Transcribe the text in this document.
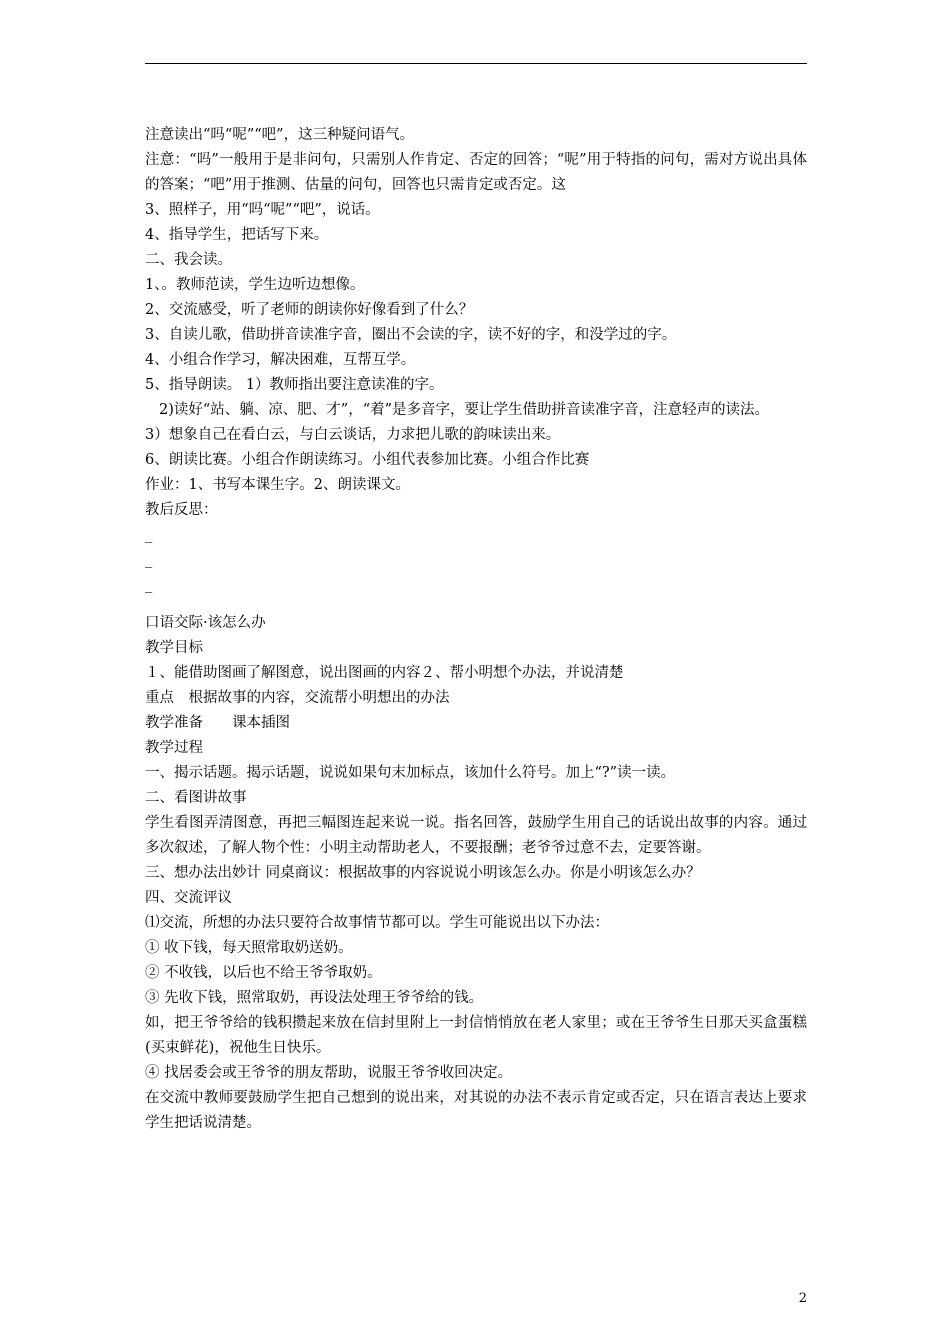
注意读出“吗“呢”“吧”，这三种疑问语气。
注意：“吗”一般用于是非问句，只需别人作肯定、否定的回答；“呢”用于特指的问句，需对方说出具体的答案；“吧”用于推测、估量的问句，回答也只需肯定或否定。这
3、照样子，用“吗“呢”“吧”，说话。
4、指导学生，把话写下来。
二、我会读。
1、。教师范读，学生边听边想像。
2、交流感受，听了老师的朗读你好像看到了什么？
3、自读儿歌，借助拼音读准字音，圈出不会读的字，读不好的字，和没学过的字。
4、小组合作学习，解决困难，互帮互学。
5、指导朗读。 1）教师指出要注意读准的字。
2)读好“站、躺、凉、肥、才”，“着”是多音字，要让学生借助拼音读准字音，注意轻声的读法。
3）想象自己在看白云，与白云谈话，力求把儿歌的韵味读出来。
6、朗读比赛。小组合作朗读练习。小组代表参加比赛。小组合作比赛
作业：1、书写本课生字。2、朗读课文。
教后反思：
_
_
_
口语交际·该怎么办
教学目标
１、能借助图画了解图意，说出图画的内容２、帮小明想个办法，并说清楚
重点　根据故事的内容，交流帮小明想出的办法
教学准备　　课本插图
教学过程
一、揭示话题。揭示话题，说说如果句末加标点，该加什么符号。加上“?”读一读。
二、看图讲故事
学生看图弄清图意，再把三幅图连起来说一说。指名回答，鼓励学生用自己的话说出故事的内容。通过多次叙述，了解人物个性：小明主动帮助老人，不要报酬；老爷爷过意不去，定要答谢。
三、想办法出妙计 同桌商议：根据故事的内容说说小明该怎么办。你是小明该怎么办？
四、交流评议
⑴交流，所想的办法只要符合故事情节都可以。学生可能说出以下办法：
① 收下钱，每天照常取奶送奶。
② 不收钱，以后也不给王爷爷取奶。
③ 先收下钱，照常取奶，再设法处理王爷爷给的钱。
如，把王爷爷给的钱积攒起来放在信封里附上一封信悄悄放在老人家里；或在王爷爷生日那天买盒蛋糕(买束鲜花)，祝他生日快乐。
④ 找居委会或王爷爷的朋友帮助，说服王爷爷收回决定。
在交流中教师要鼓励学生把自己想到的说出来，对其说的办法不表示肯定或否定，只在语言表达上要求学生把话说清楚。
2
